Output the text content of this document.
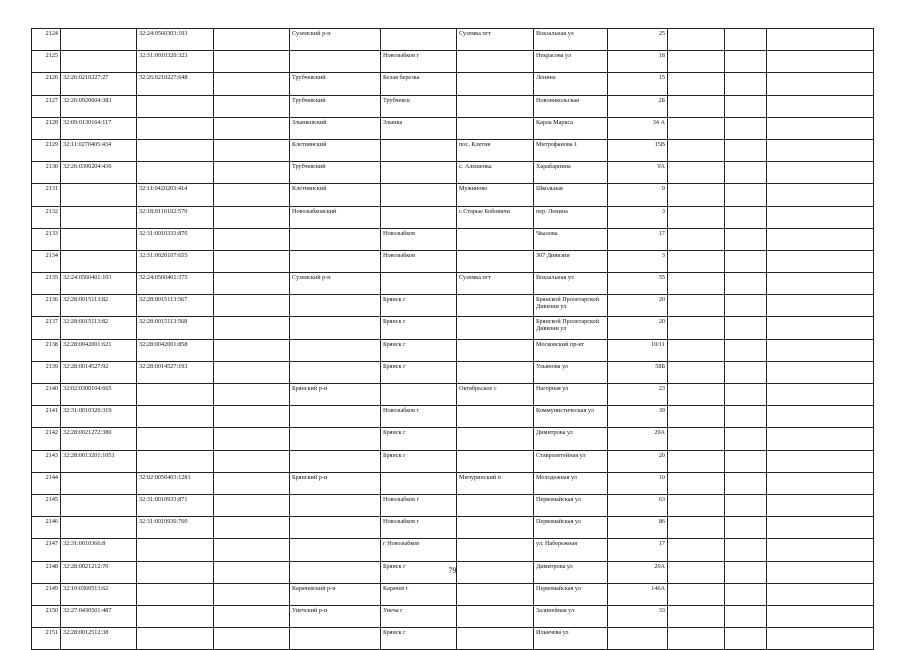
2124		32:24:0560303:193		Суземский р-н		Суземка пгт	Вокзальная ул	25			
2125		32:31:0010320:323			Новозыбков г		Некрасова ул	18			
2126	32:26:0210227:27	32:26:0210227:648		Трубчевский	Белая березка		Ленина	15			
2127	32:26:0920604:383			Трубчевский	Трубчевск		Новоникольская	2Б			
2128	32:09:0130164:117			Злынковский	Злынка		Карла Маркса	34 А			
2129	32:11:0270405:434			Клетнянский		пос. Клетня	Митрофанова 1	15В			
2130	32:26:0390204:436			Трубчевский		с. Алешенка	Харабарнина	9А			
2131		32:11:0420203:414		Клетнянский		Мужиново	Школьная	9			
2132		32:18:0110102:579		Новозыбковский		с.Старые Бобовичи	пер. Ленина	3			
2133		32:31:0010333:870			Новозыбков		Чкалова	17			
2134		32:31:0020107:655			Новозыбков		307 Дивизии	3			
2135	32:24:0560401:103	32:24:0560401:375		Суземский р-н		Суземка пгт	Вокзальная ул	55			
2136	32:28:0015113:82	32:28:0015113:567			Брянск г		Брянской Пролетарской Дивизии ул	20			
2137	32:28:0015113:82	32:28:0015113:568			Брянск г		Брянской Пролетарской Дивизии ул	20			
2138	32:28:0042001:621	32:28:0042001:858			Брянск г		Московский пр-кт	10/11			
2139	32:28:0014527:92	32:28:0014527:193			Брянск г		Ульянова ул	58Б			
2140	32:02:0300104:665			Брянский р-н		Октябрьское с	Нагорная ул	23			
2141	32:31:0010320:319				Новозыбков г		Коммунистическая ул	39			
2142	32:28:0021272:380				Брянск г		Димитрова ул	29А			
2143	32:28:0013201:1051				Брянск г		Ставролетейная ул	20			
2144		32:02:0050403:1281		Брянский р-н		Мичуринский п	Молодежная ул	10			
2145		32:31:0010933:871			Новозыбков г		Первомайская ул	63			
2146		32:31:0010936:760			Новозыбков г		Первомайская ул	86			
2147	32:31:0010366:8				г Новозыбков		ул. Набережная	17			
2148	32:28:0021212:70				Брянск г		Димитрова ул	29А			
2149	32:10:0360513:62			Карачевский р-н	Карачев г		Первомайская ул	146А			
2150	32:27:0430501:487			Унечский р-н	Унеча г		Залинейная ул	33			
2151	32:28:0012512:38				Брянск г		Ильичева ул				
79
